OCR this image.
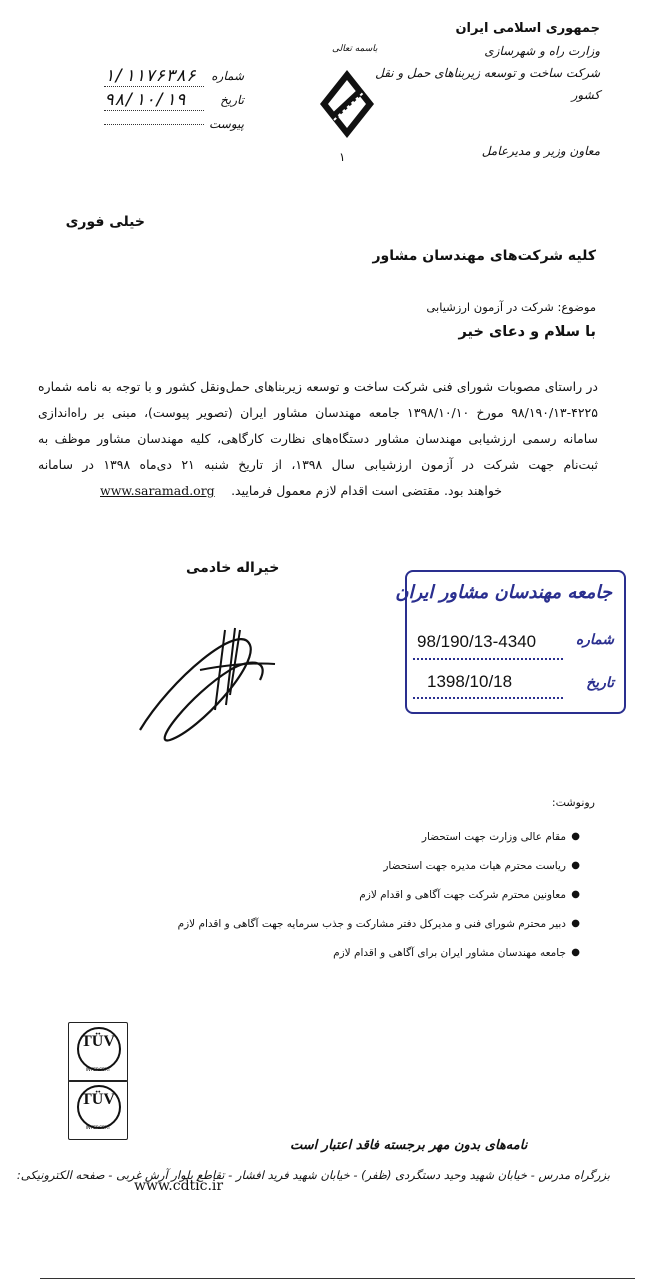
جمهوری اسلامی ایران
وزارت راه و شهرسازی
شرکت ساخت و توسعه زیربناهای حمل و نقل کشور
معاون وزیر و مدیرعامل
باسمه تعالی
۱
شماره
۱/۱۱۷۶۳۸۶
تاریخ
۹۸/۱۰/۱۹
پیوست
خیلی فوری
کلیه شرکت‌های مهندسان مشاور
موضوع: شرکت در آزمون ارزشیابی
با سلام و دعای خیر
در راستای مصوبات شورای فنی شرکت ساخت و توسعه زیربناهای حمل‌ونقل کشور و با توجه به نامه شماره ۴۲۲۵-۹۸/۱۹۰/۱۳ مورخ ۱۳۹۸/۱۰/۱۰ جامعه مهندسان مشاور ایران (تصویر پیوست)، مبنی بر راه‌اندازی سامانه رسمی ارزشیابی مهندسان مشاور دستگاه‌های نظارت کارگاهی، کلیه مهندسان مشاور موظف به ثبت‌نام جهت شرکت در آزمون ارزشیابی سال ۱۳۹۸، از تاریخ شنبه ۲۱ دی‌ماه ۱۳۹۸ در سامانه  خواهند بود. مقتضی است اقدام لازم معمول فرمایید.
www.saramad.org
خیراله خادمی
جامعه مهندسان مشاور ایران
شماره
98/190/13-4340
تاریخ
1398/10/18
رونوشت:
●
مقام عالی وزارت جهت استحضار
●
ریاست محترم هیات مدیره جهت استحضار
●
معاونین محترم شرکت جهت آگاهی و اقدام لازم
●
دبیر محترم شورای فنی و مدیرکل دفتر مشارکت و جذب سرمایه جهت آگاهی و اقدام لازم
●
جامعه مهندسان مشاور ایران برای آگاهی و اقدام لازم
TÜV
INTERCERT
TÜV
INTERCERT
نامه‌های بدون مهر برجسته فاقد اعتبار است
بزرگراه مدرس - خیابان شهید وحید دستگردی (ظفر) - خیابان شهید فرید افشار - تقاطع بلوار آرش غربی - صفحه الکترونیکی:
www.cdtic.ir
